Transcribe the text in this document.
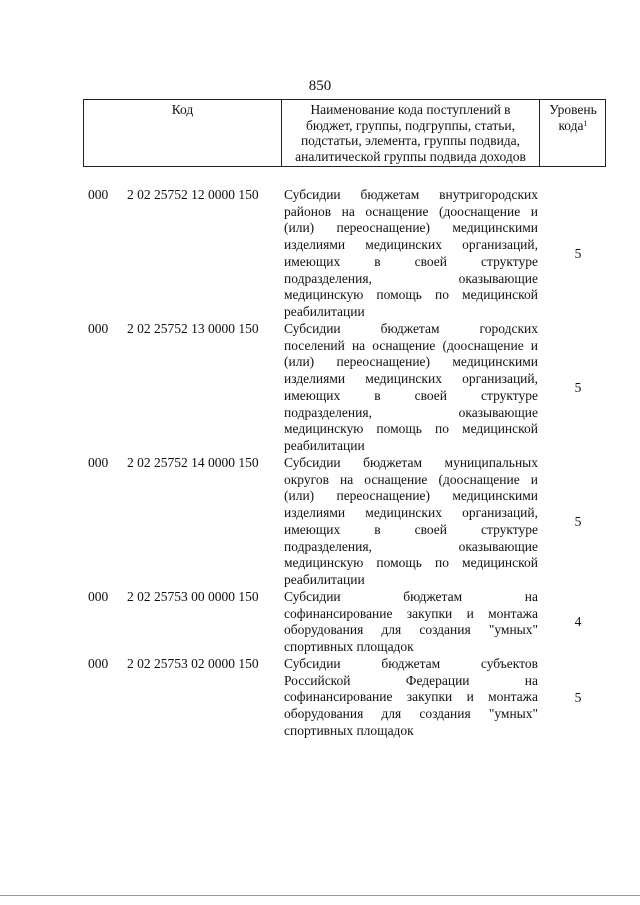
850
Код	Наименование кода поступлений в
бюджет, группы, подгруппы, статьи,
подстатьи, элемента, группы подвида,
аналитической группы подвида доходов
Уровень
кода$^1$
000 2 02 25752 12 0000 150 Субсидии бюджетам внутригородских
районов на оснащение (дооснащение и
(или) переоснащение) медицинскими
изделиями медицинских организаций,
имеющих в своей структуре
подразделения, оказывающие
медицинскую помощь по медицинской
реабилитации
5
000 2 02 25752 13 0000 150 Субсидии бюджетам городских
поселений на оснащение (дооснащение и
(или) переоснащение) медицинскими
изделиями медицинских организаций,
имеющих в своей структуре
подразделения, оказывающие
медицинскую помощь по медицинской
реабилитации
5
000 2 02 25752 14 0000 150 Субсидии бюджетам муниципальных
округов на оснащение (дооснащение и
(или) переоснащение) медицинскими
изделиями медицинских организаций,
имеющих в своей структуре
подразделения, оказывающие
медицинскую помощь по медицинской
реабилитации
5
000 2 02 25753 00 0000 150 Субсидии бюджетам на
софинансирование закупки и монтажа
оборудования для создания "умных"
спортивных площадок
4
000 2 02 25753 02 0000 150 Субсидии бюджетам субъектов
Российской Федерации на
софинансирование закупки и монтажа
оборудования для создания "умных"
спортивных площадок
5
